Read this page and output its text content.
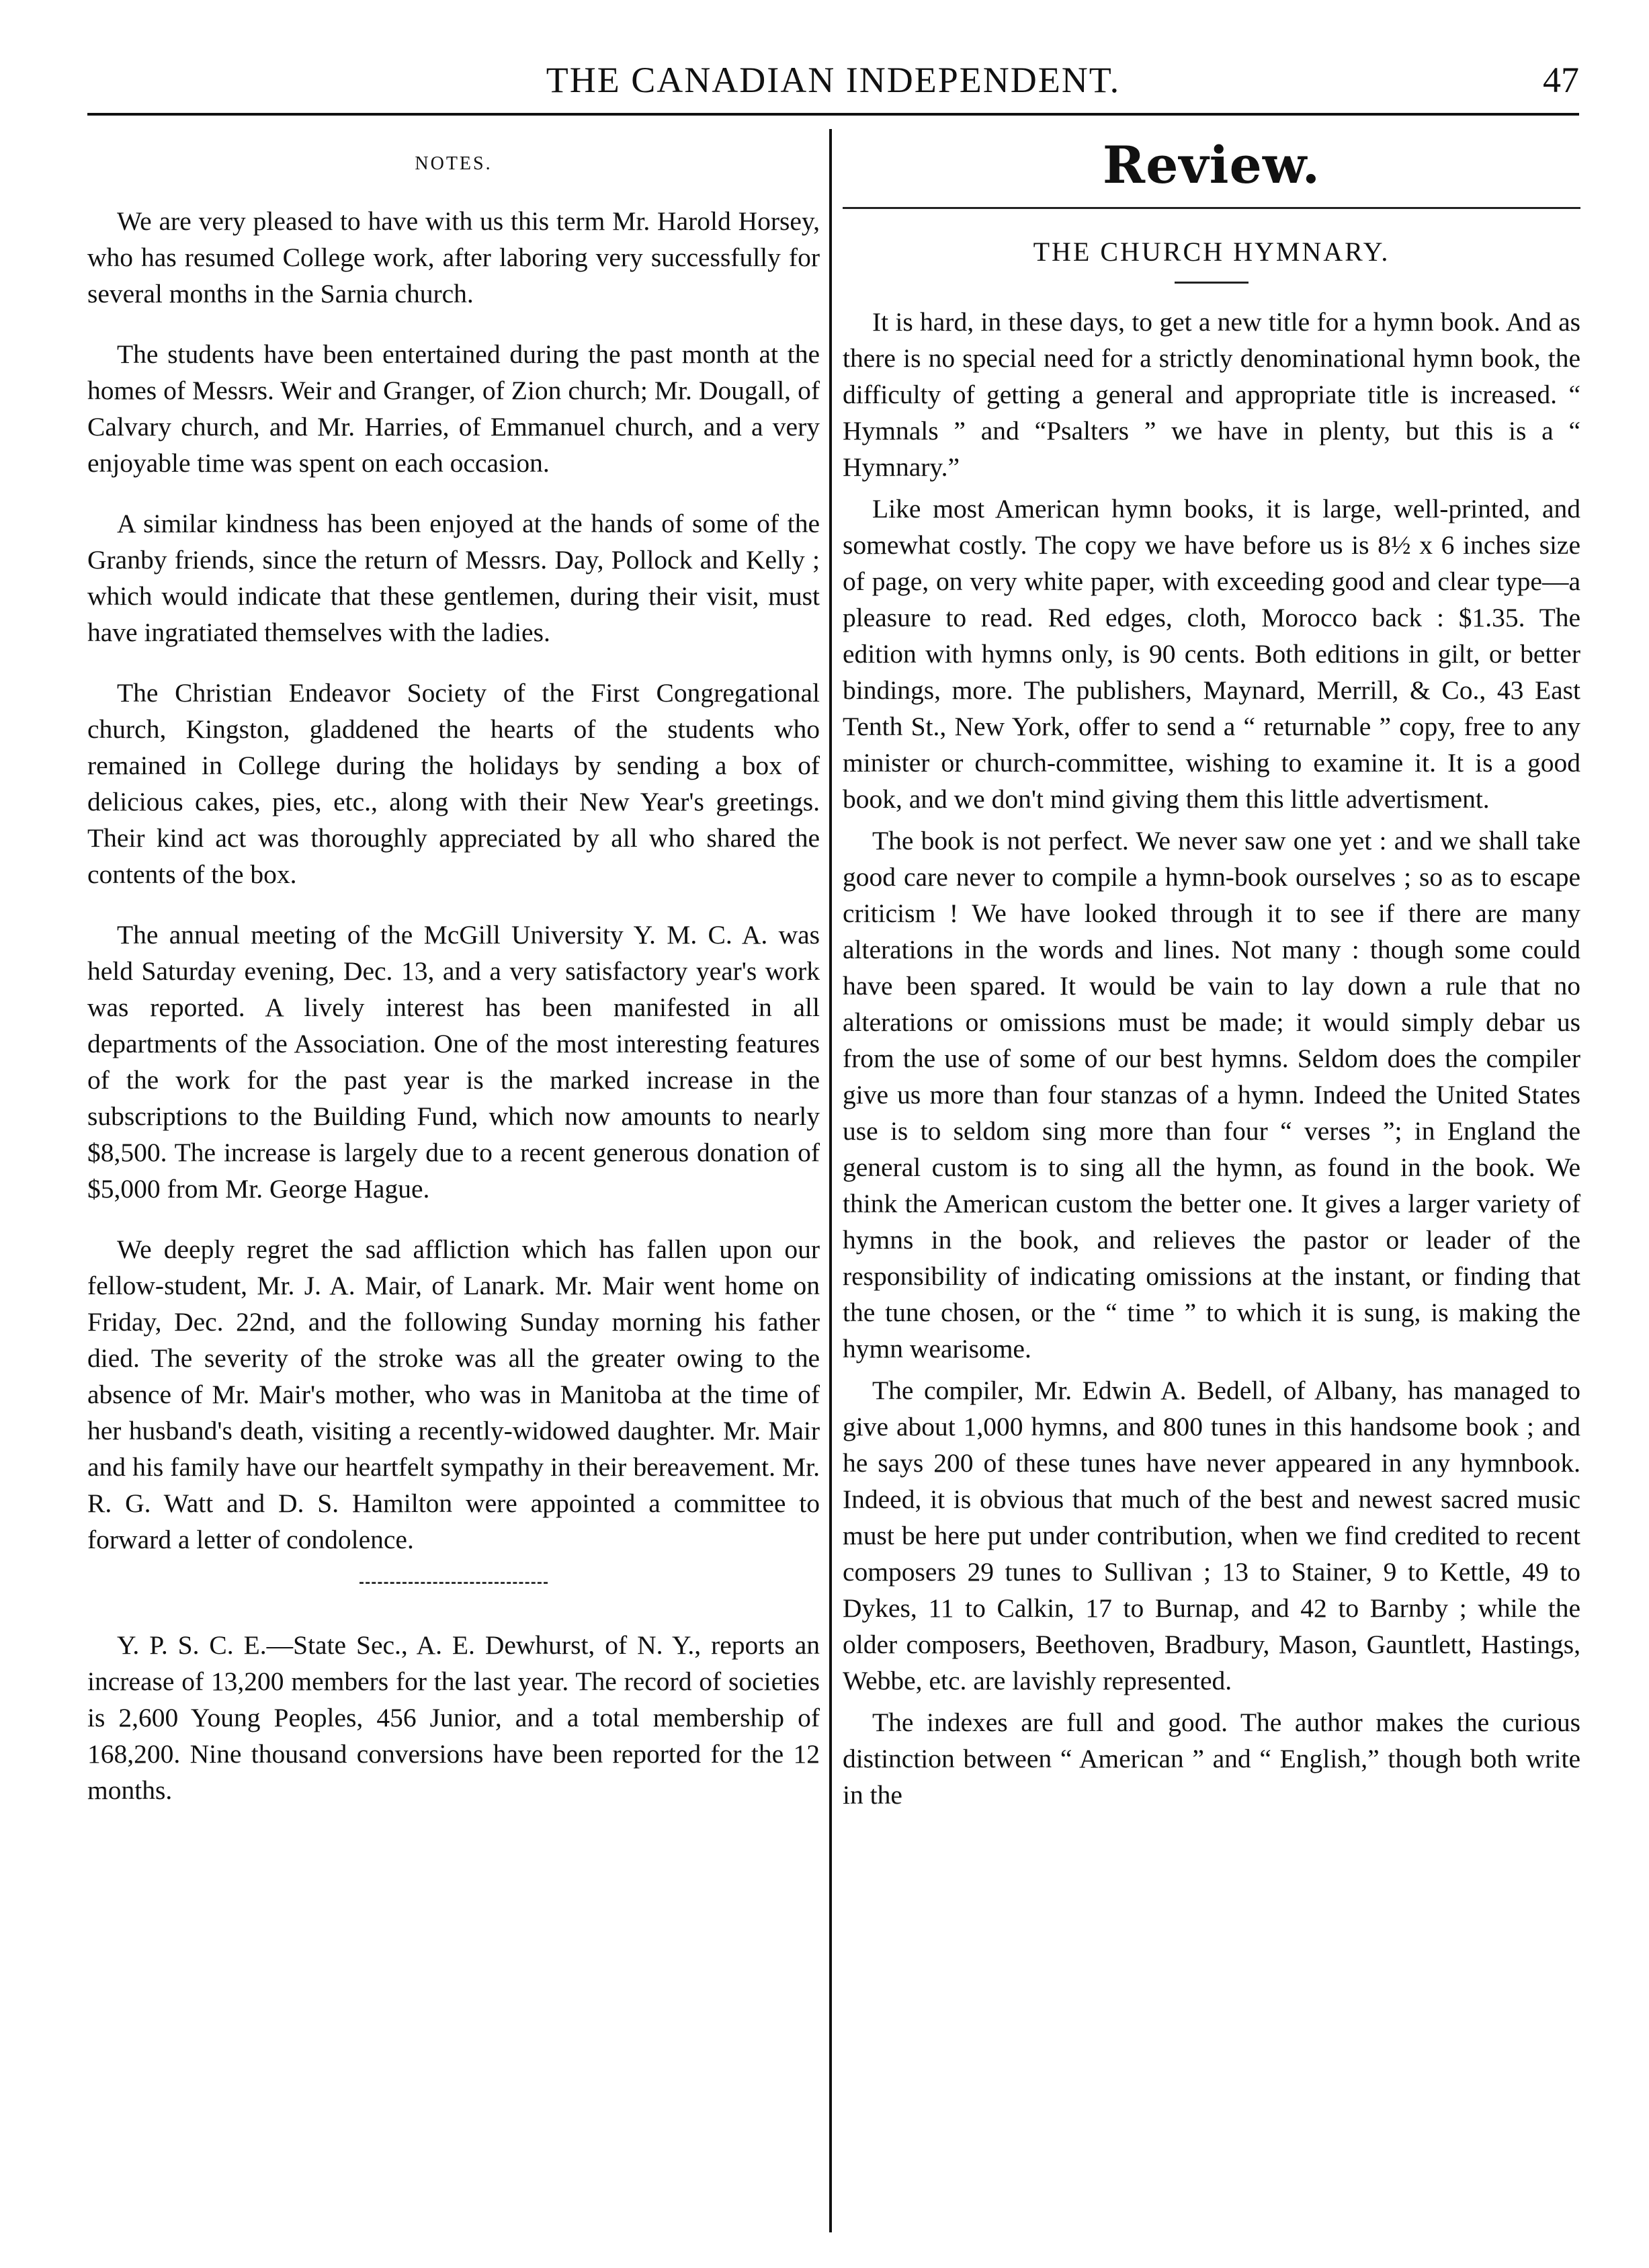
THE CANADIAN INDEPENDENT.	47
NOTES.

We are very pleased to have with us this term Mr. Harold Horsey, who has resumed College work, after laboring very successfully for several months in the Sarnia church.

The students have been entertained during the past month at the homes of Messrs. Weir and Granger, of Zion church; Mr. Dougall, of Calvary church, and Mr. Harries, of Emmanuel church, and a very enjoyable time was spent on each occasion.

A similar kindness has been enjoyed at the hands of some of the Granby friends, since the return of Messrs. Day, Pollock and Kelly ; which would indicate that these gentlemen, during their visit, must have ingratiated themselves with the ladies.

The Christian Endeavor Society of the First Congregational church, Kingston, gladdened the hearts of the students who remained in College during the holidays by sending a box of delicious cakes, pies, etc., along with their New Year's greetings. Their kind act was thoroughly appreciated by all who shared the contents of the box.

The annual meeting of the McGill University Y. M. C. A. was held Saturday evening, Dec. 13, and a very satisfactory year's work was reported. A lively interest has been manifested in all departments of the Association. One of the most interesting features of the work for the past year is the marked increase in the subscriptions to the Building Fund, which now amounts to nearly $8,500. The increase is largely due to a recent generous donation of $5,000 from Mr. George Hague.

We deeply regret the sad affliction which has fallen upon our fellow-student, Mr. J. A. Mair, of Lanark. Mr. Mair went home on Friday, Dec. 22nd, and the following Sunday morning his father died. The severity of the stroke was all the greater owing to the absence of Mr. Mair's mother, who was in Manitoba at the time of her husband's death, visiting a recently-widowed daughter. Mr. Mair and his family have our heartfelt sympathy in their bereavement. Mr. R. G. Watt and D. S. Hamilton were appointed a committee to forward a letter of condolence.

Y. P. S. C. E.—State Sec., A. E. Dewhurst, of N. Y., reports an increase of 13,200 members for the last year. The record of societies is 2,600 Young Peoples, 456 Junior, and a total membership of 168,200. Nine thousand conversions have been reported for the 12 months.

Review.
THE CHURCH HYMNARY.

It is hard, in these days, to get a new title for a hymn book. And as there is no special need for a strictly denominational hymn book, the difficulty of getting a general and appropriate title is increased. “ Hymnals ” and “Psalters ” we have in plenty, but this is a “ Hymnary.”

Like most American hymn books, it is large, well-printed, and somewhat costly. The copy we have before us is 8½ x 6 inches size of page, on very white paper, with exceeding good and clear type—a pleasure to read. Red edges, cloth, Morocco back : $1.35. The edition with hymns only, is 90 cents. Both editions in gilt, or better bindings, more. The publishers, Maynard, Merrill, & Co., 43 East Tenth St., New York, offer to send a “ returnable ” copy, free to any minister or church-committee, wishing to examine it. It is a good book, and we don't mind giving them this little advertisment.

The book is not perfect. We never saw one yet : and we shall take good care never to compile a hymn-book ourselves ; so as to escape criticism ! We have looked through it to see if there are many alterations in the words and lines. Not many : though some could have been spared. It would be vain to lay down a rule that no alterations or omissions must be made; it would simply debar us from the use of some of our best hymns. Seldom does the compiler give us more than four stanzas of a hymn. Indeed the United States use is to seldom sing more than four “ verses ”; in England the general custom is to sing all the hymn, as found in the book. We think the American custom the better one. It gives a larger variety of hymns in the book, and relieves the pastor or leader of the responsibility of indicating omissions at the instant, or finding that the tune chosen, or the “ time ” to which it is sung, is making the hymn wearisome.

The compiler, Mr. Edwin A. Bedell, of Albany, has managed to give about 1,000 hymns, and 800 tunes in this handsome book ; and he says 200 of these tunes have never appeared in any hymnbook. Indeed, it is obvious that much of the best and newest sacred music must be here put under contribution, when we find credited to recent composers 29 tunes to Sullivan ; 13 to Stainer, 9 to Kettle, 49 to Dykes, 11 to Calkin, 17 to Burnap, and 42 to Barnby ; while the older composers, Beethoven, Bradbury, Mason, Gauntlett, Hastings, Webbe, etc. are lavishly represented.

The indexes are full and good. The author makes the curious distinction between “ American ” and “ English,” though both write in the
